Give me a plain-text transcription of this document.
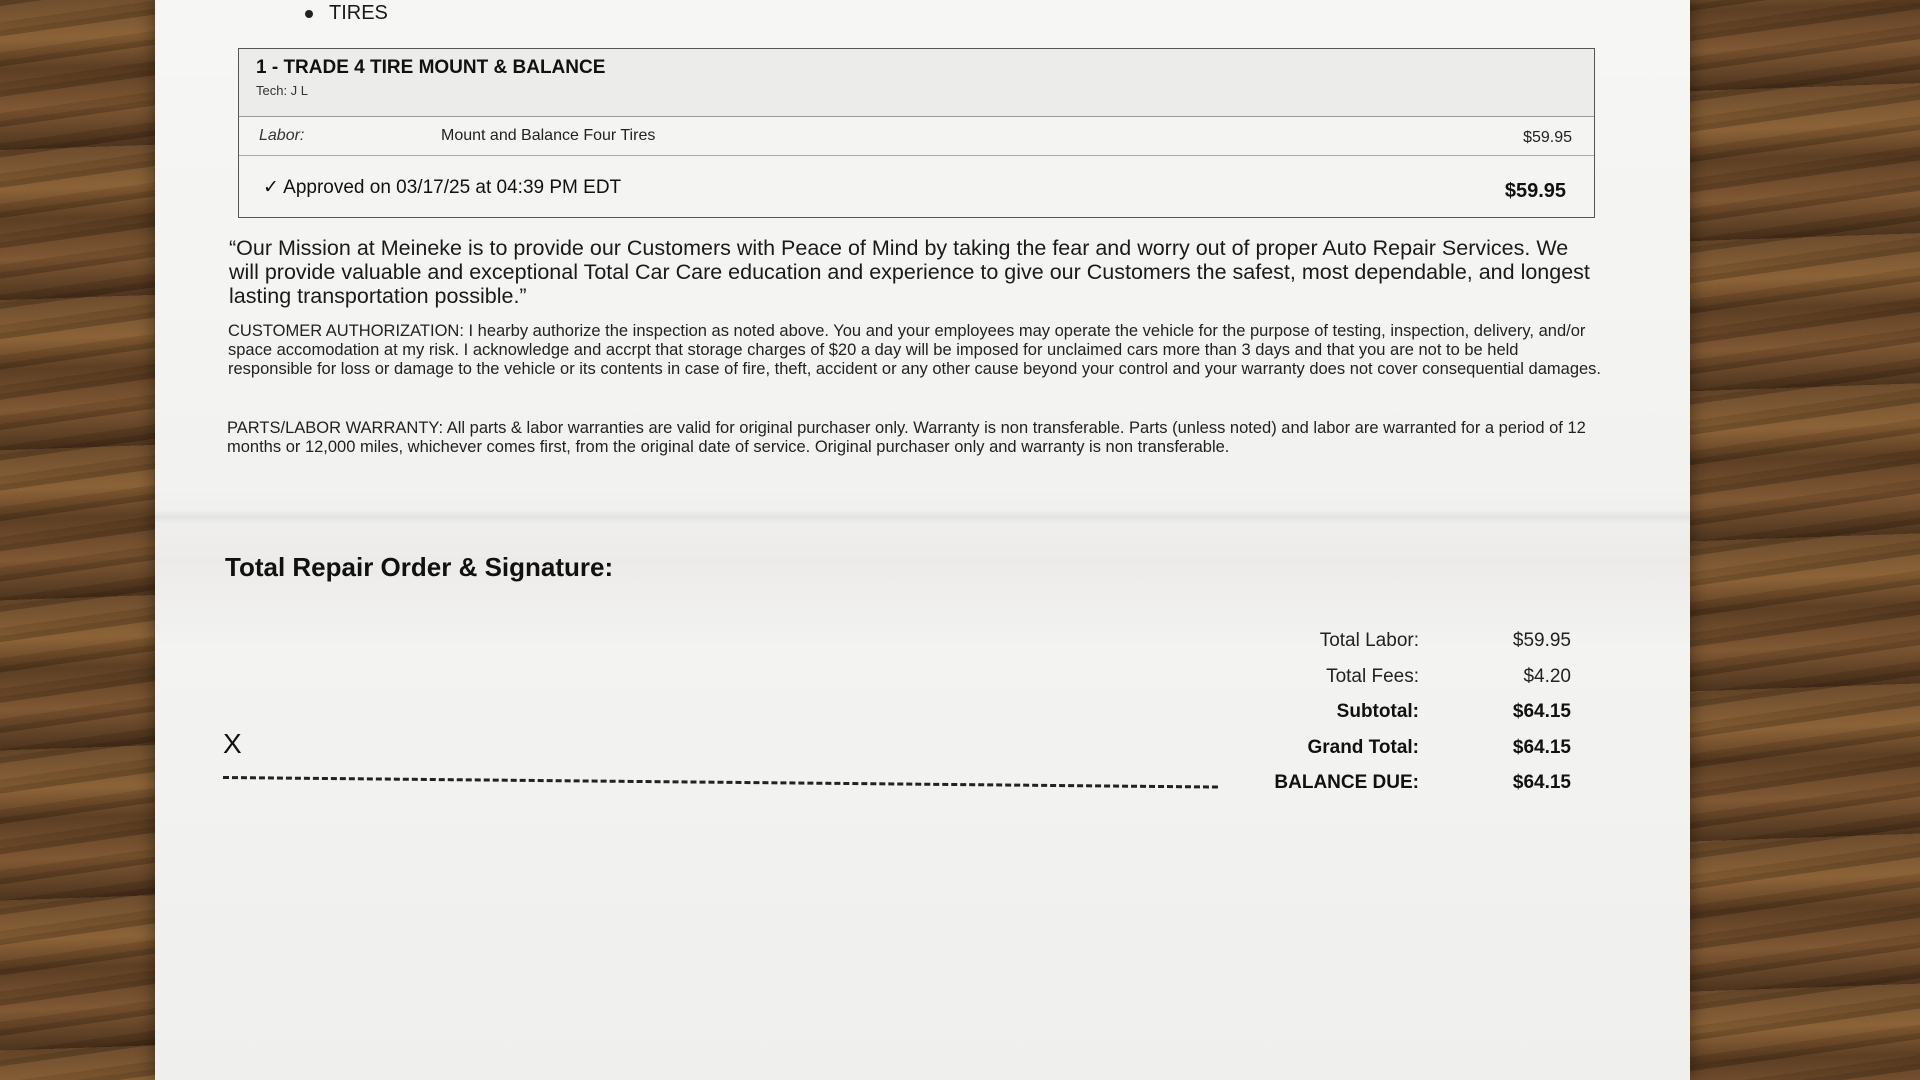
TIRES
1 - TRADE 4 TIRE MOUNT & BALANCE
Tech: J L
Labor:	Mount and Balance Four Tires	$59.95
✓ Approved on 03/17/25 at 04:39 PM EDT	$59.95
“Our Mission at Meineke is to provide our Customers with Peace of Mind by taking the fear and worry out of proper Auto Repair Services. We will provide valuable and exceptional Total Car Care education and experience to give our Customers the safest, most dependable, and longest lasting transportation possible.”
CUSTOMER AUTHORIZATION: I hearby authorize the inspection as noted above. You and your employees may operate the vehicle for the purpose of testing, inspection, delivery, and/or space accomodation at my risk. I acknowledge and accrpt that storage charges of $20 a day will be imposed for unclaimed cars more than 3 days and that you are not to be held responsible for loss or damage to the vehicle or its contents in case of fire, theft, accident or any other cause beyond your control and your warranty does not cover consequential damages.
PARTS/LABOR WARRANTY: All parts & labor warranties are valid for original purchaser only. Warranty is non transferable. Parts (unless noted) and labor are warranted for a period of 12 months or 12,000 miles, whichever comes first, from the original date of service. Original purchaser only and warranty is non transferable.
Total Repair Order & Signature:
X
Total Labor:	$59.95
Total Fees:	$4.20
Subtotal:	$64.15
Grand Total:	$64.15
BALANCE DUE:	$64.15
